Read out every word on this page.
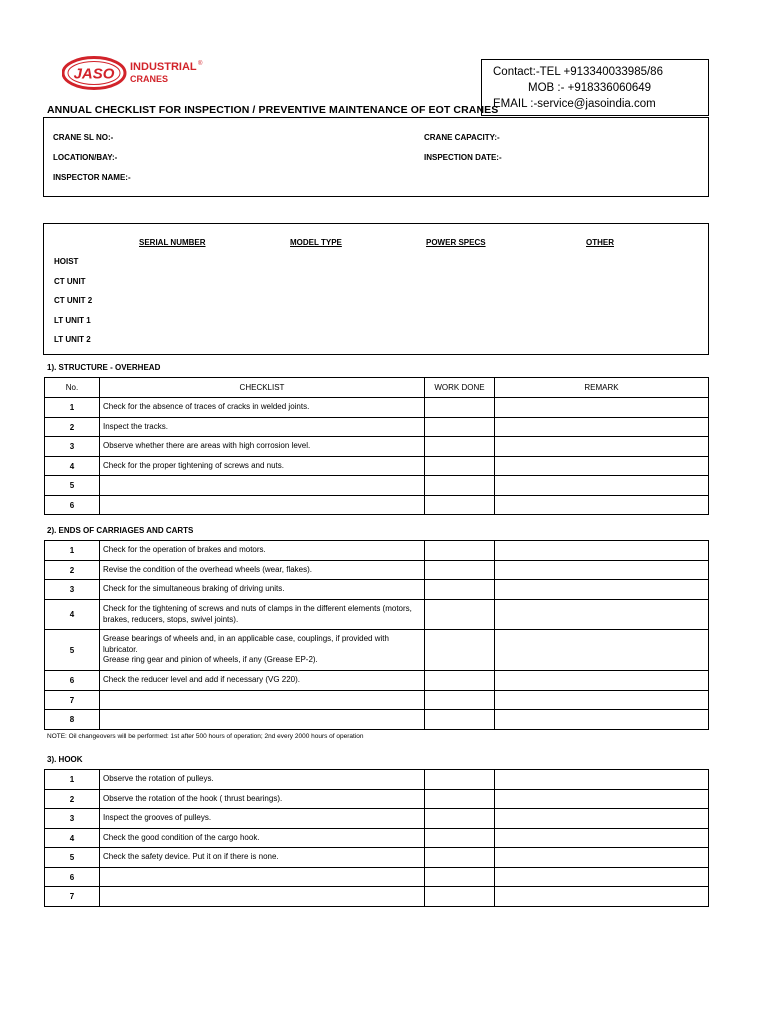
JASO INDUSTRIAL ®
CRANES
Contact:-TEL +913340033985/86
MOB :- +918336060649
EMAIL :-service@jasoindia.com
ANNUAL CHECKLIST FOR INSPECTION / PREVENTIVE MAINTENANCE OF EOT CRANES
CRANE SL NO:-	CRANE CAPACITY:-
LOCATION/BAY:-	INSPECTION DATE:-
INSPECTOR NAME:-
SERIAL NUMBER	MODEL TYPE	POWER SPECS	OTHER
HOIST
CT UNIT
CT UNIT 2
LT UNIT 1
LT UNIT 2
1). STRUCTURE - OVERHEAD
No.	CHECKLIST	WORK DONE	REMARK
1	Check for the absence of traces of cracks in welded joints.		
2	Inspect the tracks.		
3	Observe whether there are areas with high corrosion level.		
4	Check for the proper tightening of screws and nuts.		
5			
6			
2). ENDS OF CARRIAGES AND CARTS
1	Check for the operation of brakes and motors.		
2	Revise the condition of the overhead wheels (wear, flakes).		
3	Check for the simultaneous braking of driving units.		
4	Check for the tightening of screws and nuts of clamps in the different elements (motors, brakes, reducers, stops, swivel joints).		
5	Grease bearings of wheels and, in an applicable case, couplings, if provided with lubricator.
Grease ring gear and pinion of wheels, if any (Grease EP-2).		
6	Check the reducer level and add if necessary (VG 220).		
7			
8			
NOTE: Oil changeovers will be performed: 1st after 500 hours of operation; 2nd every 2000 hours of operation
3). HOOK
1	Observe the rotation of pulleys.		
2	Observe the rotation of the hook ( thrust bearings).		
3	Inspect the grooves of pulleys.		
4	Check the good condition of the cargo hook.		
5	Check the safety device. Put it on if there is none.		
6			
7			
